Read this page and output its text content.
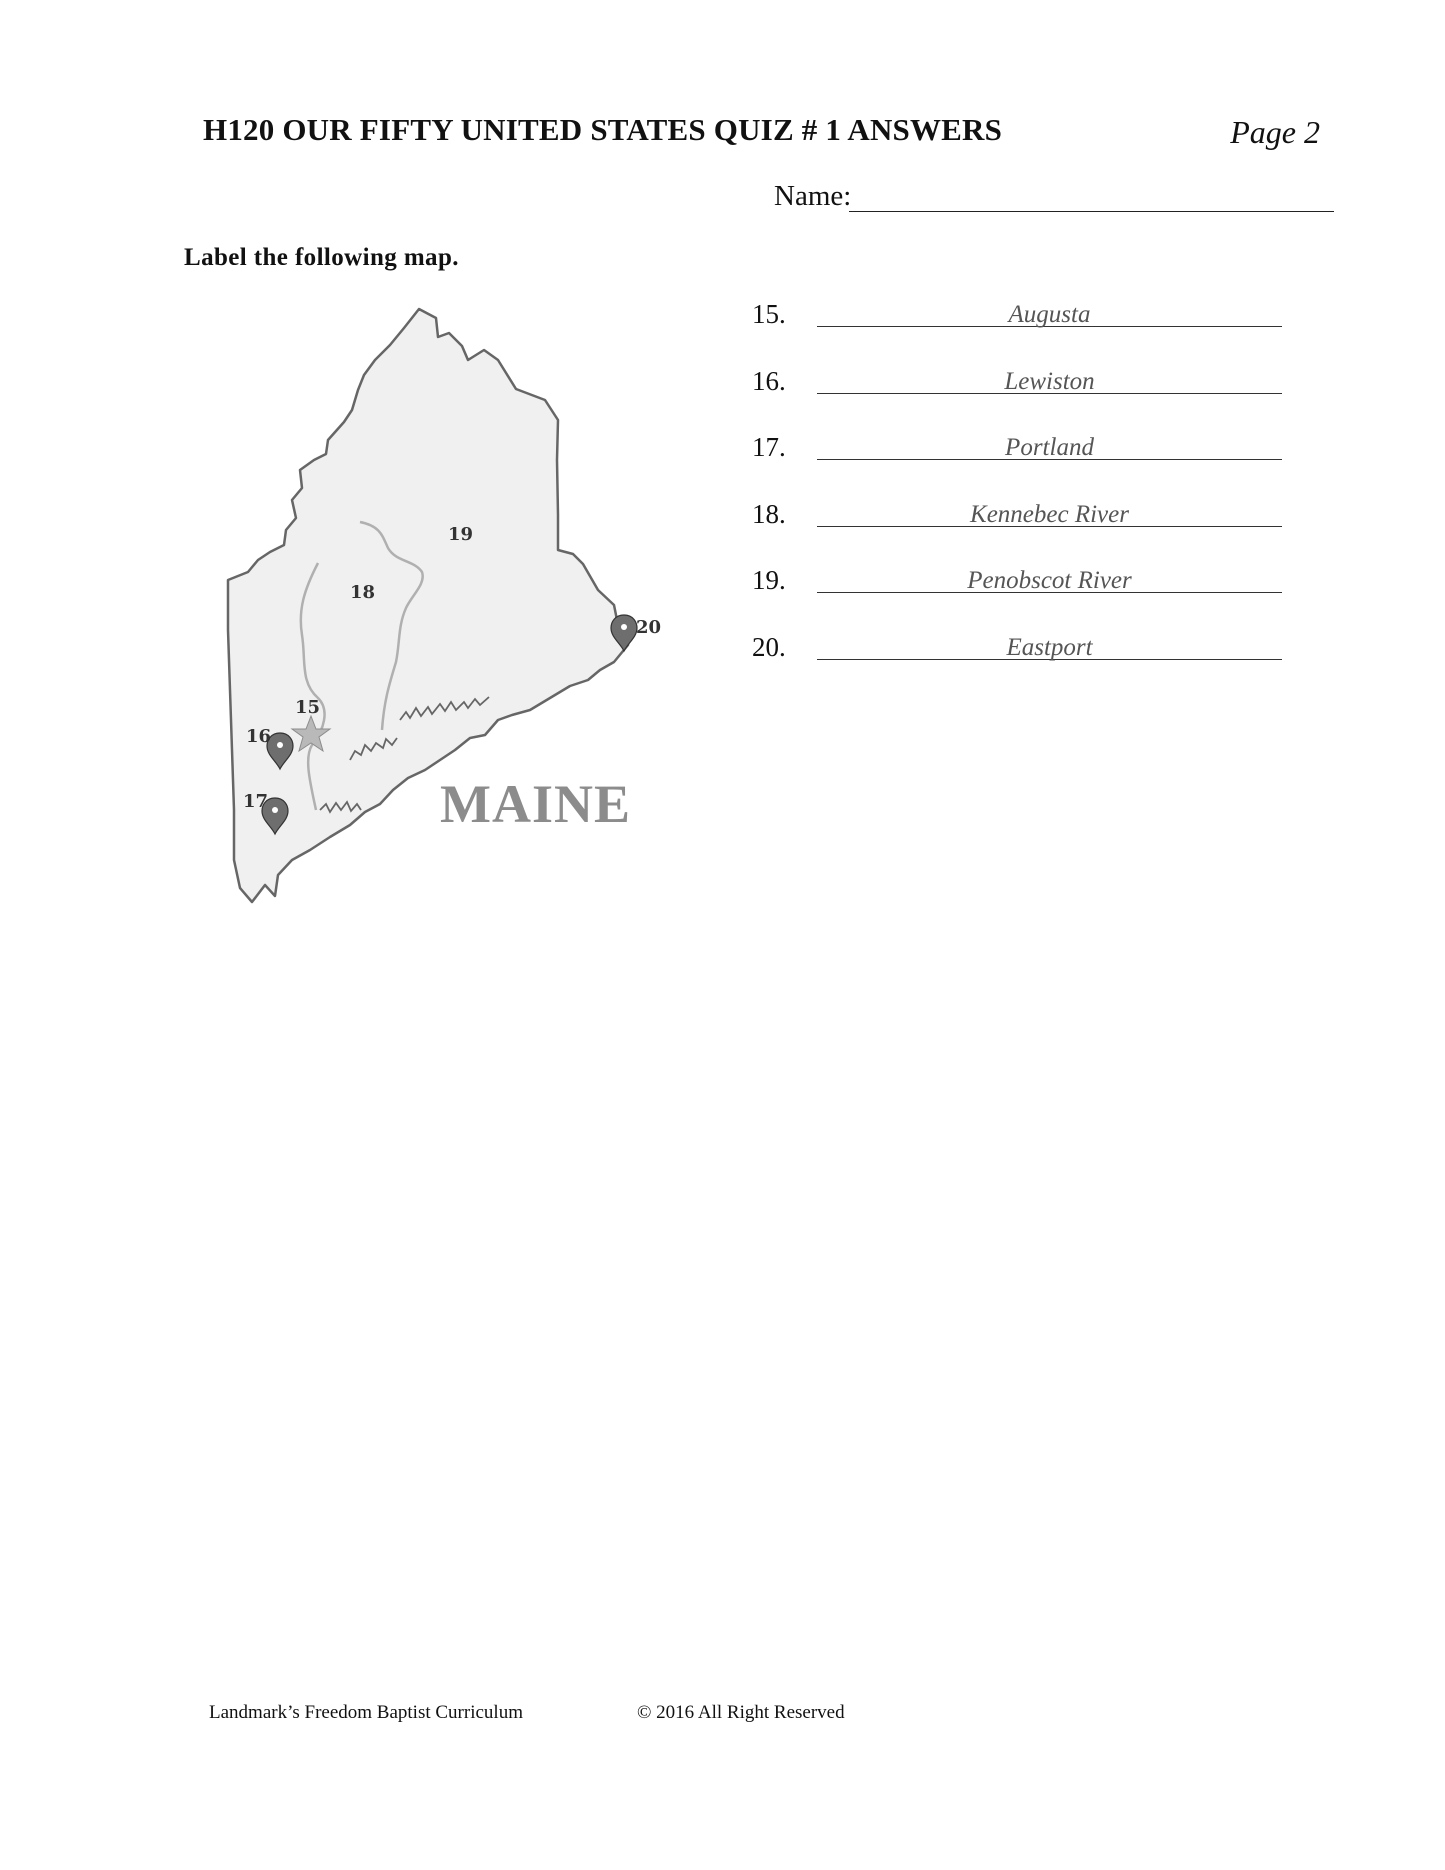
H120 OUR FIFTY UNITED STATES QUIZ # 1 ANSWERS	Page 2
Name:
Label the following map.
15
16
17
20
18
19
MAINE
15.	Augusta
16.	Lewiston
17.	Portland
18.	Kennebec River
19.	Penobscot River
20.	Eastport
Landmark’s Freedom Baptist Curriculum	© 2016 All Right Reserved
